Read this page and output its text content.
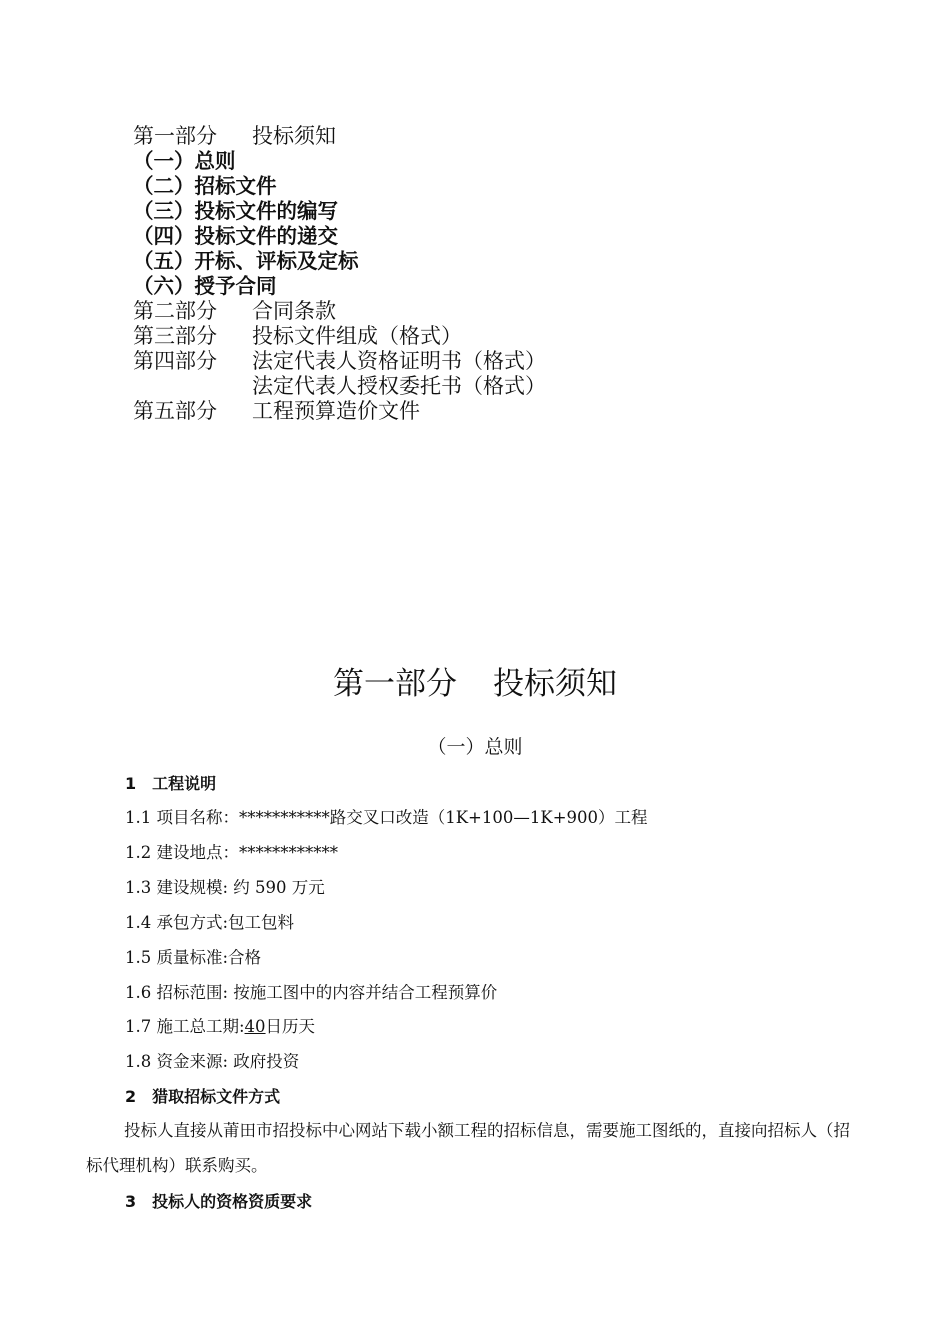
第一部分	投标须知
（一）总则
（二）招标文件
（三）投标文件的编写
（四）投标文件的递交
（五）开标、评标及定标
（六）授予合同
第二部分	合同条款
第三部分	投标文件组成（格式）
第四部分	法定代表人资格证明书（格式）
法定代表人授权委托书（格式）
第五部分	工程预算造价文件
第一部分 投标须知
（一）总则
1　工程说明
1.1 项目名称：***********路交叉口改造（1K+100—1K+900）工程
1.2 建设地点：************
1.3 建设规模: 约 590 万元
1.4 承包方式:包工包料
1.5 质量标准:合格
1.6 招标范围: 按施工图中的内容并结合工程预算价
1.7 施工总工期:40日历天
1.8 资金来源: 政府投资
2　猎取招标文件方式
投标人直接从莆田市招投标中心网站下载小额工程的招标信息，需要施工图纸的，直接向招标人（招标代理机构）联系购买。
3　投标人的资格资质要求
